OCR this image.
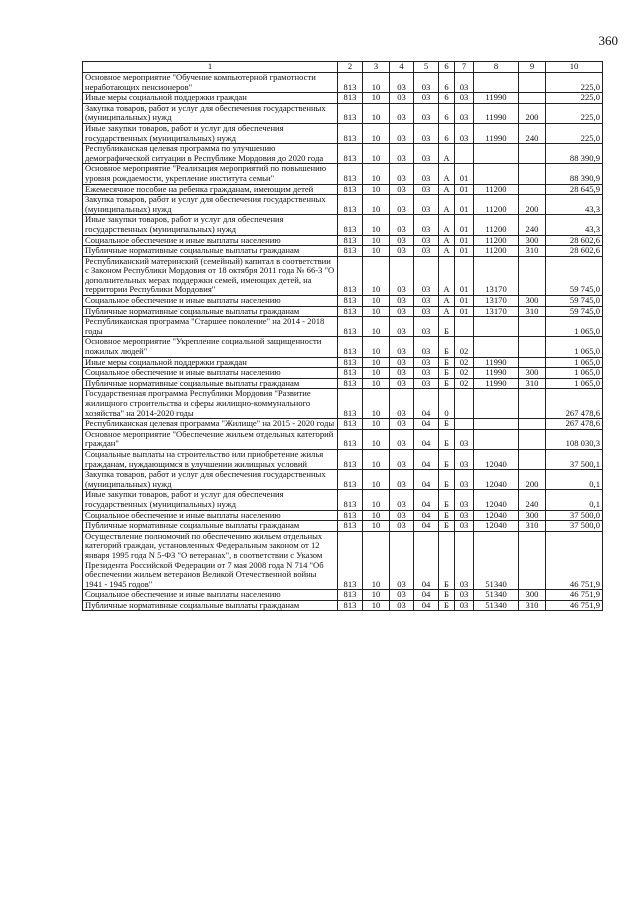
360
1	2	3	4	5	6	7	8	9	10
Основное мероприятие "Обучение компьютерной грамотности неработающих пенсионеров"	813	10	03	03	6	03			225,0
Иные меры социальной поддержки граждан	813	10	03	03	6	03	11990		225,0
Закупка товаров, работ и услуг для обеспечения государственных (муниципальных) нужд	813	10	03	03	6	03	11990	200	225,0
Иные закупки товаров, работ и услуг для обеспечения государственных (муниципальных) нужд	813	10	03	03	6	03	11990	240	225,0
Республиканская целевая программа по улучшению демографической ситуации в Республике Мордовия до 2020 года	813	10	03	03	А				88 390,9
Основное мероприятие "Реализация мероприятий по повышению уровня рождаемости, укрепление института семьи"	813	10	03	03	А	01			88 390,9
Ежемесячное пособие на ребенка гражданам, имеющим детей	813	10	03	03	А	01	11200		28 645,9
Закупка товаров, работ и услуг для обеспечения государственных (муниципальных) нужд	813	10	03	03	А	01	11200	200	43,3
Иные закупки товаров, работ и услуг для обеспечения государственных (муниципальных) нужд	813	10	03	03	А	01	11200	240	43,3
Социальное обеспечение и иные выплаты населению	813	10	03	03	А	01	11200	300	28 602,6
Публичные нормативные социальные выплаты гражданам	813	10	03	03	А	01	11200	310	28 602,6
Республиканский материнский (семейный) капитал в соответствии с Законом Республики Мордовия от 18 октября 2011 года № 66-З "О дополнительных мерах поддержки семей, имеющих детей, на территории Республики Мордовия"	813	10	03	03	А	01	13170		59 745,0
Социальное обеспечение и иные выплаты населению	813	10	03	03	А	01	13170	300	59 745,0
Публичные нормативные социальные выплаты гражданам	813	10	03	03	А	01	13170	310	59 745,0
Республиканская программа "Старшее поколение" на 2014 - 2018 годы	813	10	03	03	Б				1 065,0
Основное мероприятие "Укрепление социальной защищенности пожилых людей"	813	10	03	03	Б	02			1 065,0
Иные меры социальной поддержки граждан	813	10	03	03	Б	02	11990		1 065,0
Социальное обеспечение и иные выплаты населению	813	10	03	03	Б	02	11990	300	1 065,0
Публичные нормативные социальные выплаты гражданам	813	10	03	03	Б	02	11990	310	1 065,0
Государственная программа Республики Мордовия "Развитие жилищного строительства и сферы жилищно-коммунального хозяйства" на 2014-2020 годы	813	10	03	04	0				267 478,6
Республиканская целевая программа "Жилище" на 2015 - 2020 годы	813	10	03	04	Б				267 478,6
Основное мероприятие "Обеспечение жильем отдельных категорий граждан"	813	10	03	04	Б	03			108 030,3
Социальные выплаты на строительство или приобретение жилья гражданам, нуждающимся в улучшении жилищных условий	813	10	03	04	Б	03	12040		37 500,1
Закупка товаров, работ и услуг для обеспечения государственных (муниципальных) нужд	813	10	03	04	Б	03	12040	200	0,1
Иные закупки товаров, работ и услуг для обеспечения государственных (муниципальных) нужд	813	10	03	04	Б	03	12040	240	0,1
Социальное обеспечение и иные выплаты населению	813	10	03	04	Б	03	12040	300	37 500,0
Публичные нормативные социальные выплаты гражданам	813	10	03	04	Б	03	12040	310	37 500,0
Осуществление полномочий по обеспечению жильем отдельных категорий граждан, установленных Федеральным законом от 12 января 1995 года N 5-ФЗ "О ветеранах", в соответствии с Указом Президента Российской Федерации от 7 мая 2008 года N 714 "Об обеспечении жильем ветеранов Великой Отечественной войны 1941 - 1945 годов"	813	10	03	04	Б	03	51340		46 751,9
Социальное обеспечение и иные выплаты населению	813	10	03	04	Б	03	51340	300	46 751,9
Публичные нормативные социальные выплаты гражданам	813	10	03	04	Б	03	51340	310	46 751,9
